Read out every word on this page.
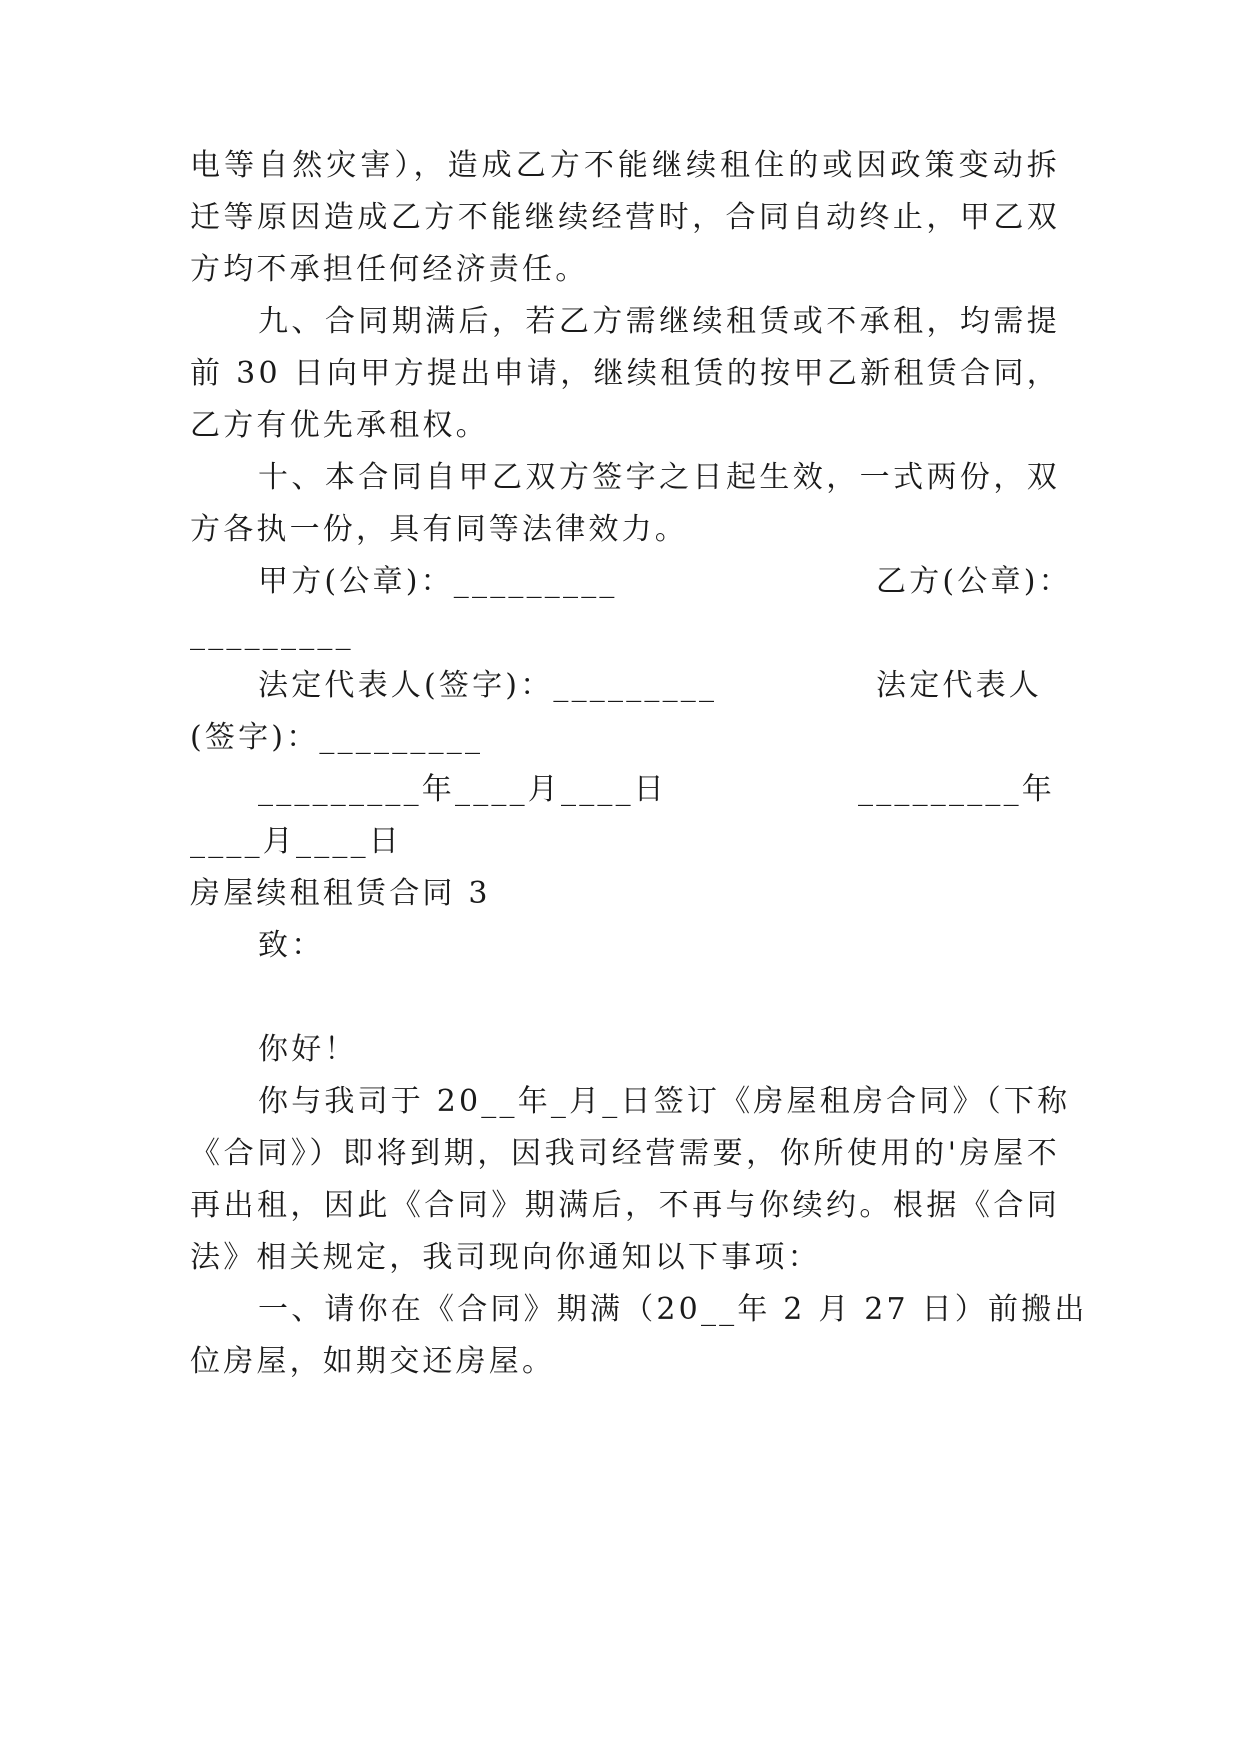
电等自然灾害），造成乙方不能继续租住的或因政策变动拆
迁等原因造成乙方不能继续经营时，合同自动终止，甲乙双
方均不承担任何经济责任。
九、合同期满后，若乙方需继续租赁或不承租，均需提
前 30 日向甲方提出申请，继续租赁的按甲乙新租赁合同，
乙方有优先承租权。
十、本合同自甲乙双方签字之日起生效，一式两份，双
方各执一份，具有同等法律效力。
甲方(公章)：_________	乙方(公章)：
_________
法定代表人(签字)：_________	法定代表人
(签字)：_________
_________年____月____日	_________年
____月____日
房屋续租租赁合同 3
致：
你好！
你与我司于 20__年_月_日签订《房屋租房合同》（下称
《合同》）即将到期，因我司经营需要，你所使用的'房屋不
再出租，因此《合同》期满后，不再与你续约。根据《合同
法》相关规定，我司现向你通知以下事项：
一、请你在《合同》期满（20__年 2 月 27 日）前搬出
位房屋，如期交还房屋。
